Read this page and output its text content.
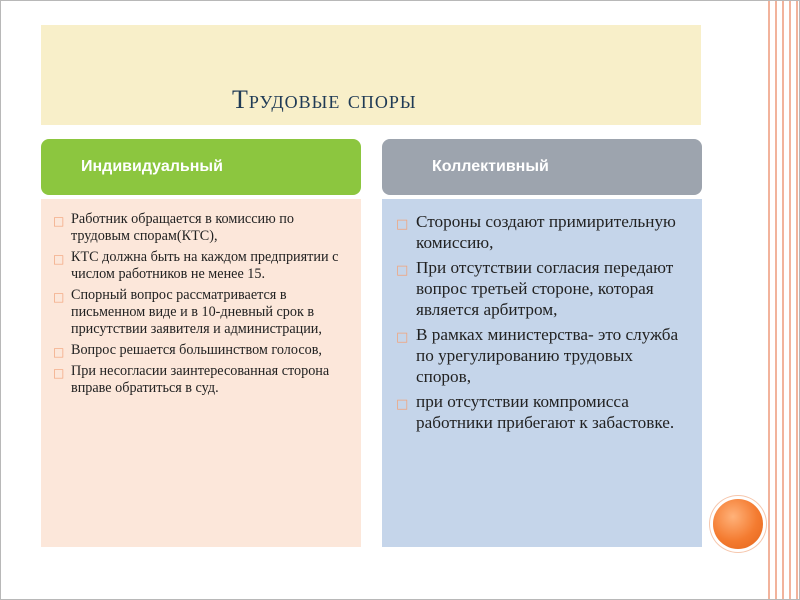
Трудовые споры
Индивидуальный	Коллективный
□ Работник обращается в комиссию по трудовым спорам(КТС),
□ КТС должна быть на каждом предприятии с числом работников не менее 15.
□ Спорный вопрос рассматривается в письменном виде и в 10-дневный срок в присутствии заявителя и администрации,
□ Вопрос решается большинством голосов,
□ При несогласии заинтересованная сторона вправе обратиться в суд.
□ Стороны создают примирительную комиссию,
□ При отсутствии согласия передают вопрос третьей стороне, которая является арбитром,
□ В рамках министерства- это служба по урегулированию трудовых споров,
□ при отсутствии компромисса работники прибегают к забастовке.
